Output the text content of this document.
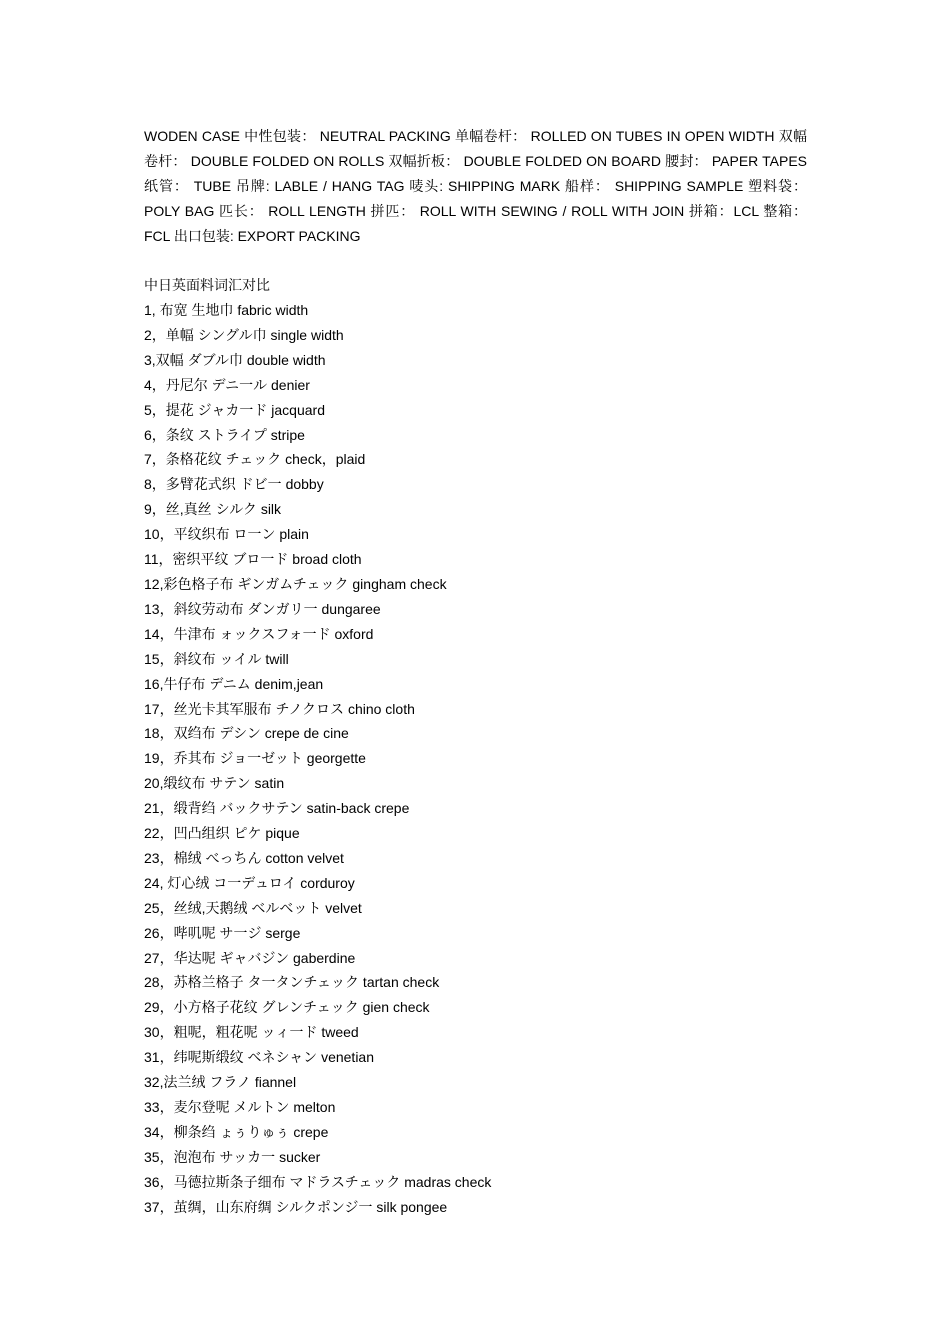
WODEN CASE 中性包装： NEUTRAL PACKING 单幅卷杆： ROLLED ON TUBES IN OPEN WIDTH 双幅卷杆： DOUBLE FOLDED ON ROLLS 双幅折板： DOUBLE FOLDED ON BOARD 腰封： PAPER TAPES 纸管： TUBE 吊牌: LABLE / HANG TAG 唛头: SHIPPING MARK 船样： SHIPPING SAMPLE 塑料袋： POLY BAG 匹长： ROLL LENGTH 拼匹： ROLL WITH SEWING / ROLL WITH JOIN 拼箱：LCL 整箱： FCL 出口包装: EXPORT PACKING

中日英面料词汇对比

1, 布宽 生地巾 fabric width
2，单幅 シングル巾 single width
3,双幅 ダブル巾 double width
4，丹尼尔 デニ一ル denier
5，提花 ジャカ一ド jacquard
6，条纹 ストライプ stripe
7，条格花纹 チェック check，plaid
8，多臂花式织 ドビ一 dobby
9，丝,真丝 シルク silk
10，平纹织布 ロ一ン plain
11，密织平纹 ブロ一ド broad cloth
12,彩色格子布 ギンガムチェック gingham check
13，斜纹劳动布 ダンガリ一 dungaree
14，牛津布 ォックスフォ一ド oxford
15，斜纹布 ッイル twill
16,牛仔布 デニム denim,jean
17，丝光卡其军服布 チノクロス chino cloth
18，双绉布 デシン crepe de cine
19，乔其布 ジョ一ゼット georgette
20,缎纹布 サテン satin
21，缎背绉 バックサテン satin-back crepe
22，凹凸组织 ピケ pique
23，棉绒 べっちん cotton velvet
24, 灯心绒 コ一デュロイ corduroy
25，丝绒,天鹅绒 ベルベット velvet
26，哔叽呢 サ一ジ serge
27，华达呢 ギャバジン gaberdine
28，苏格兰格子 タ一タンチェック tartan check
29，小方格子花纹 グレンチェック gien check
30，粗呢，粗花呢 ッィ一ド tweed
31，纬呢斯缎纹 ベネシャン venetian
32,法兰绒 フラノ fiannel
33，麦尔登呢 メルトン melton
34，柳条绉 ょぅりゅぅ crepe
35，泡泡布 サッカ一 sucker
36，马德拉斯条子细布 マドラスチェック madras check
37，茧绸，山东府绸 シルクポンジ一 silk pongee
